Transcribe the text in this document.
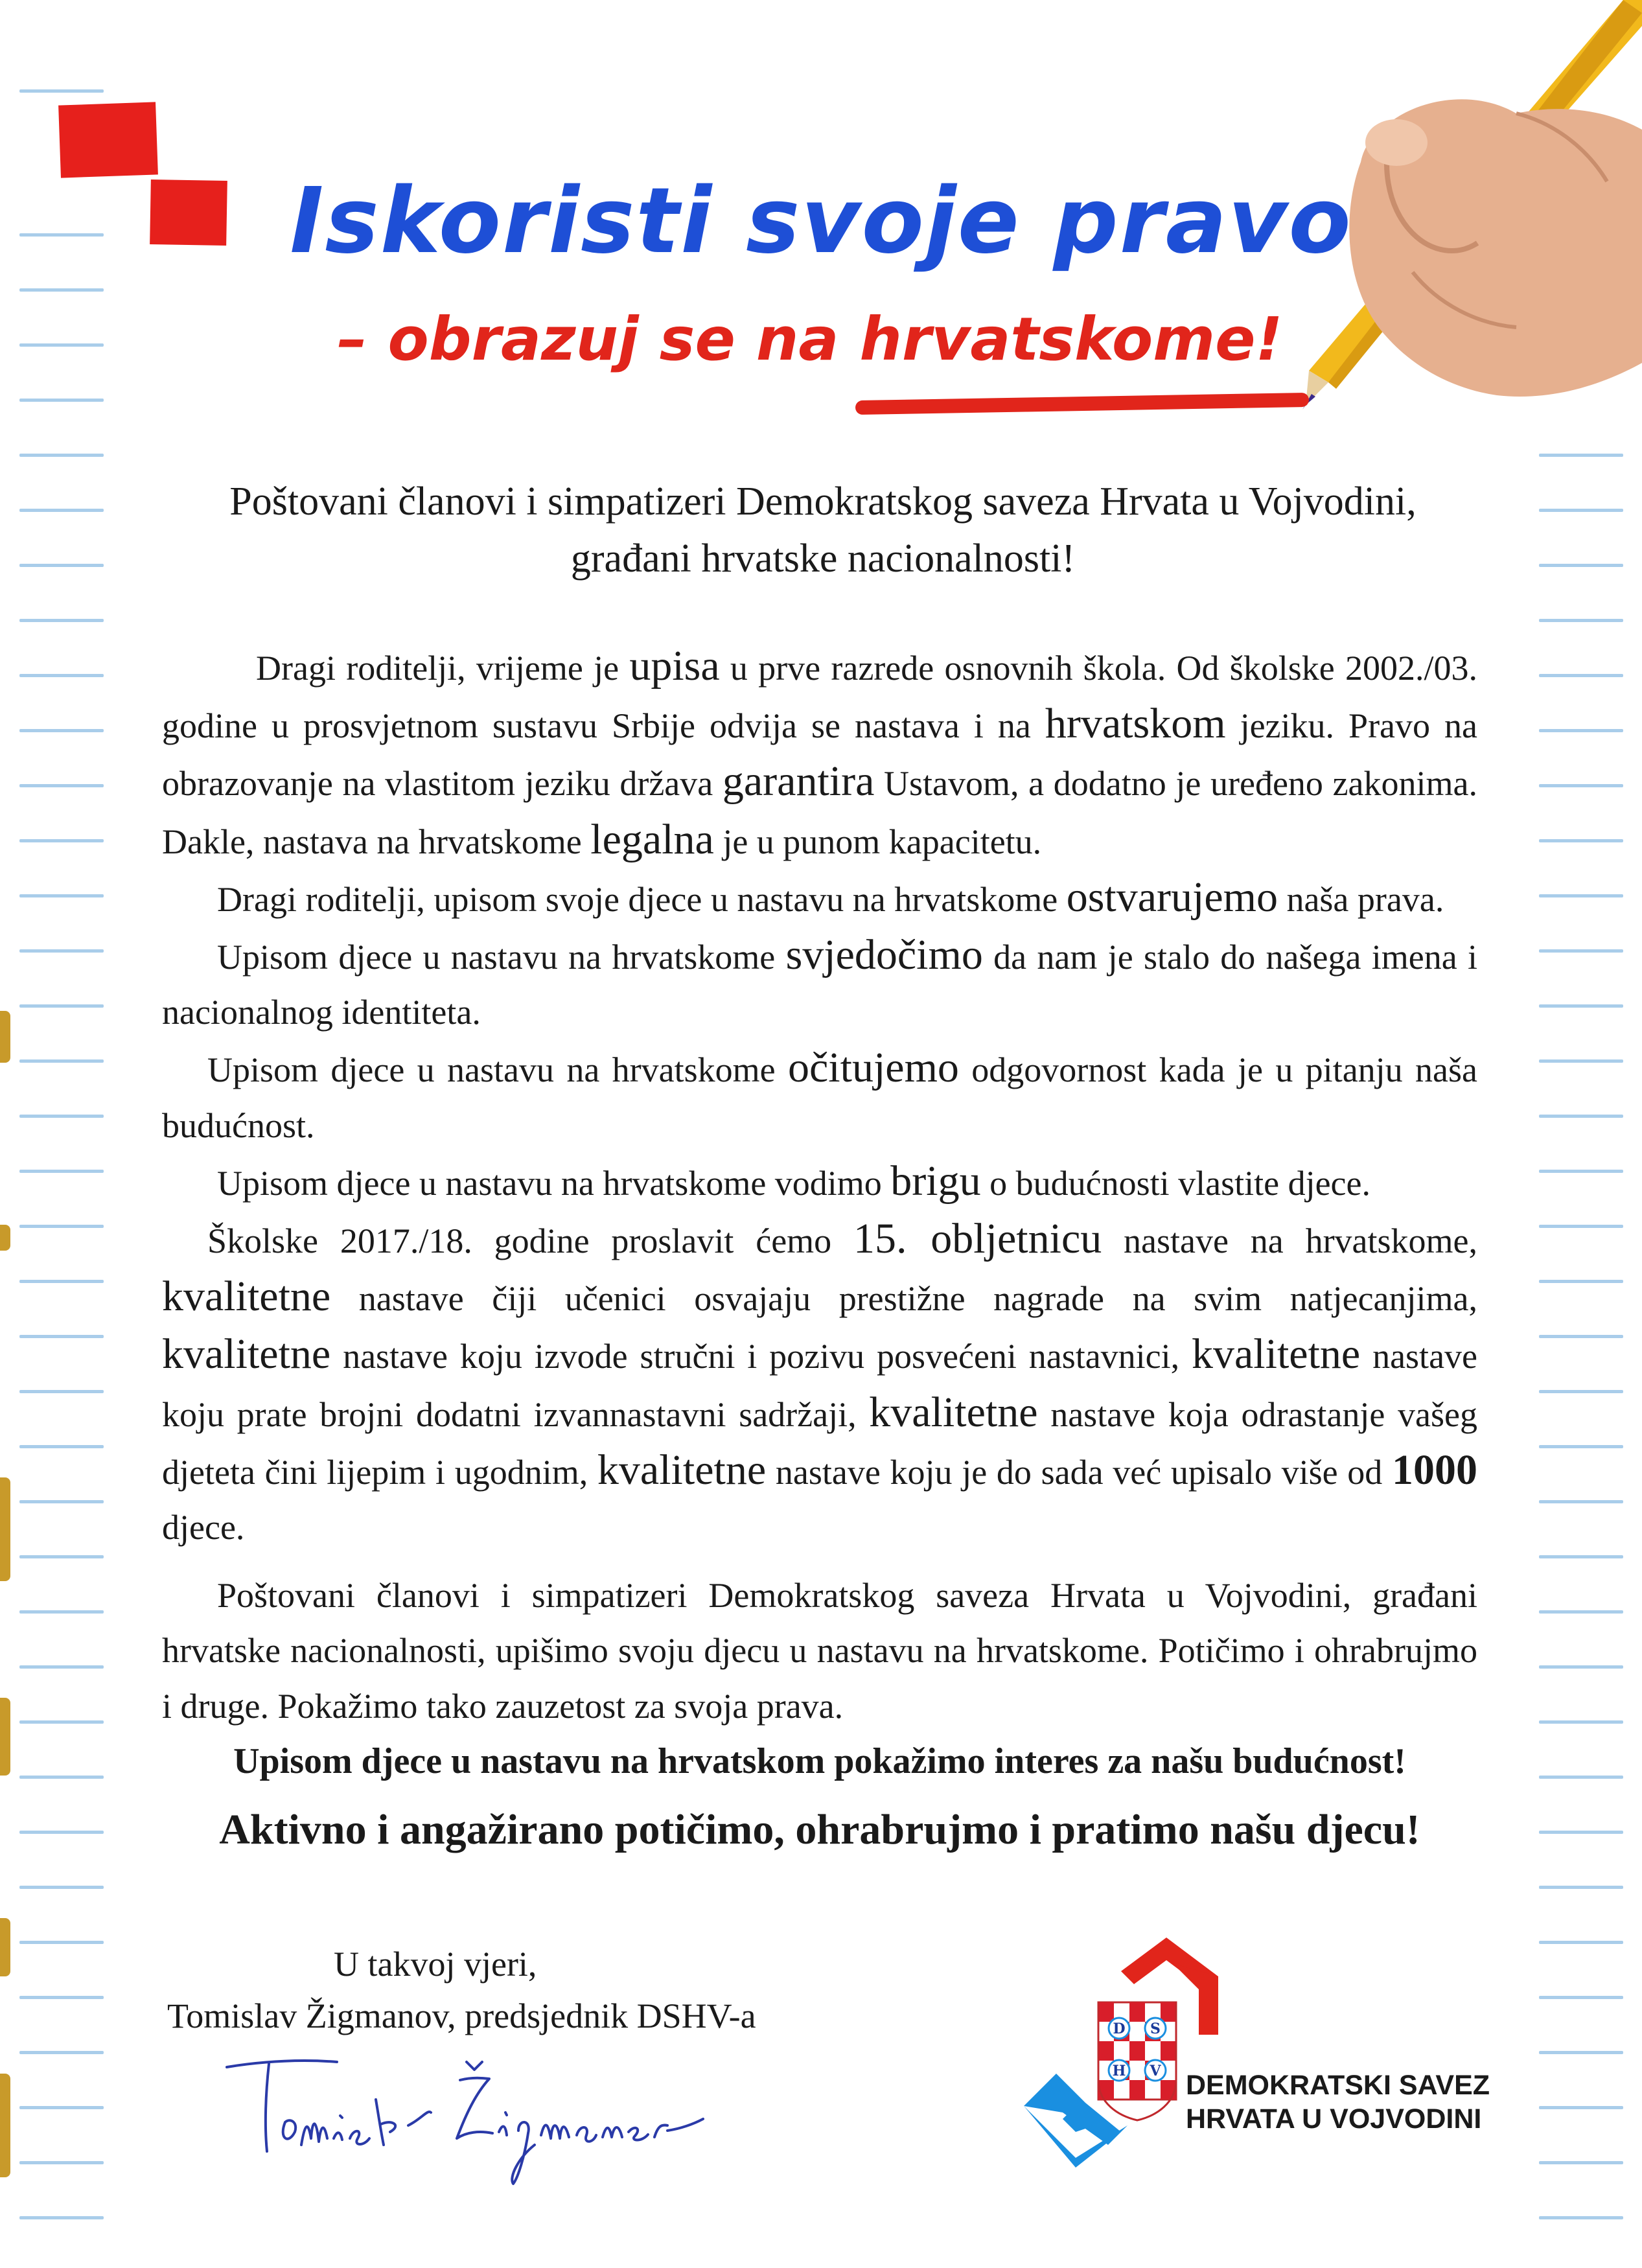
Iskoristi svoje pravo
– obrazuj se na hrvatskome!
Poštovani članovi i simpatizeri Demokratskog saveza Hrvata u Vojvodini,
građani hrvatske nacionalnosti!

Dragi roditelji, vrijeme je upisa u prve razrede osnovnih škola. Od školske 2002./03. godine u prosvjetnom sustavu Srbije odvija se nastava i na hrvatskom jeziku. Pravo na obrazovanje na vlastitom jeziku država garantira Ustavom, a dodatno je uređeno zakonima. Dakle, nastava na hrvatskome legalna je u punom kapacitetu.

Dragi roditelji, upisom svoje djece u nastavu na hrvatskome ostvarujemo naša prava.

Upisom djece u nastavu na hrvatskome svjedočimo da nam je stalo do našega imena i nacionalnog identiteta.

Upisom djece u nastavu na hrvatskome očitujemo odgovornost kada je u pitanju naša budućnost.

Upisom djece u nastavu na hrvatskome vodimo brigu o budućnosti vlastite djece.

Školske 2017./18. godine proslavit ćemo 15. obljetnicu nastave na hrvatskome, kvalitetne nastave čiji učenici osvajaju prestižne nagrade na svim natjecanjima, kvalitetne nastave koju izvode stručni i pozivu posvećeni nastavnici, kvalitetne nastave koju prate brojni dodatni izvannastavni sadržaji, kvalitetne nastave koja odrastanje vašeg djeteta čini lijepim i ugodnim, kvalitetne nastave koju je do sada već upisalo više od 1000 djece.

Poštovani članovi i simpatizeri Demokratskog saveza Hrvata u Vojvodini, građani hrvatske nacionalnosti, upišimo svoju djecu u nastavu na hrvatskome. Potičimo i ohrabrujmo i druge. Pokažimo tako zauzetost za svoja prava.

Upisom djece u nastavu na hrvatskom pokažimo interes za našu budućnost!

Aktivno i angažirano potičimo, ohrabrujmo i pratimo našu djecu!

U takvoj vjeri,
Tomislav Žigmanov, predsjednik DSHV-a	D S
H V DEMOKRATSKI SAVEZ
HRVATA U VOJVODINI
